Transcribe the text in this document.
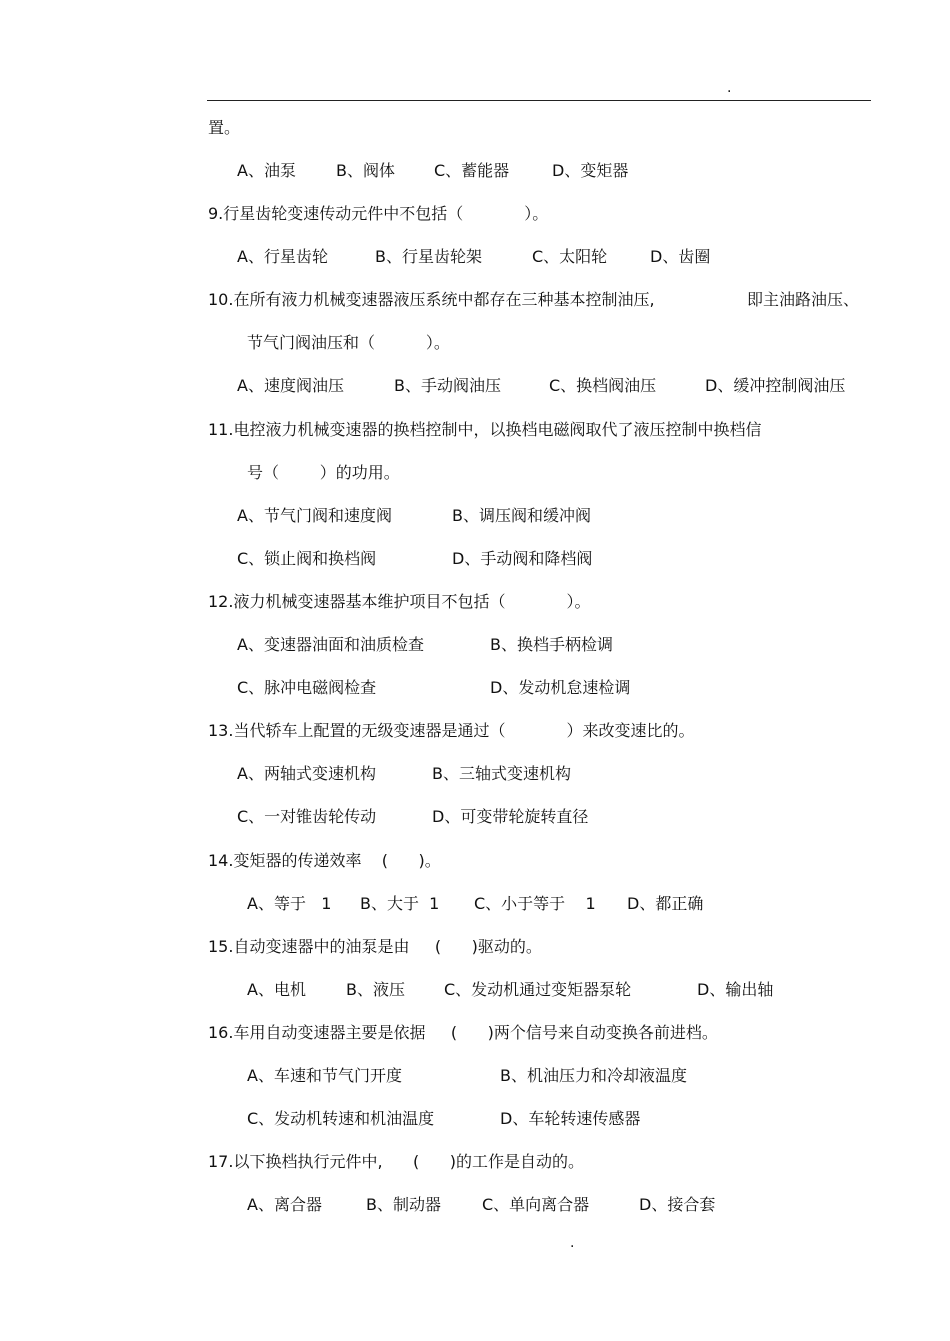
.
置。
A、油泵	B、阀体 C、蓄能器	D、变矩器
9.行星齿轮变速传动元件中不包括（            ）。
A、行星齿轮	B、行星齿轮架	C、太阳轮	D、齿圈
10.在所有液力机械变速器液压系统中都存在三种基本控制油压,	即主油路油压、
节气门阀油压和（          ）。
A、速度阀油压	B、手动阀油压	C、换档阀油压	D、缓冲控制阀油压
11.电控液力机械变速器的换档控制中，以换档电磁阀取代了液压控制中换档信
号（        ）的功用。
A、节气门阀和速度阀	B、调压阀和缓冲阀
C、锁止阀和换档阀	D、手动阀和降档阀
12.液力机械变速器基本维护项目不包括（            ）。
A、变速器油面和油质检查	B、换档手柄检调
C、脉冲电磁阀检查	D、发动机怠速检调
13.当代轿车上配置的无级变速器是通过（            ）来改变速比的。
A、两轴式变速机构	B、三轴式变速机构
C、一对锥齿轮传动	D、可变带轮旋转直径
14.变矩器的传递效率    (      )。
A、等于   1 B、大于  1 C、小于等于    1 D、都正确
15.自动变速器中的油泵是由     (      )驱动的。
A、电机	B、液压 C、发动机通过变矩器泵轮	D、输出轴
16.车用自动变速器主要是依据     (      )两个信号来自动变换各前进档。
A、车速和节气门开度	B、机油压力和冷却液温度
C、发动机转速和机油温度	D、车轮转速传感器
17.以下换档执行元件中,      (      )的工作是自动的。
A、离合器	B、制动器	C、单向离合器	D、接合套
.
